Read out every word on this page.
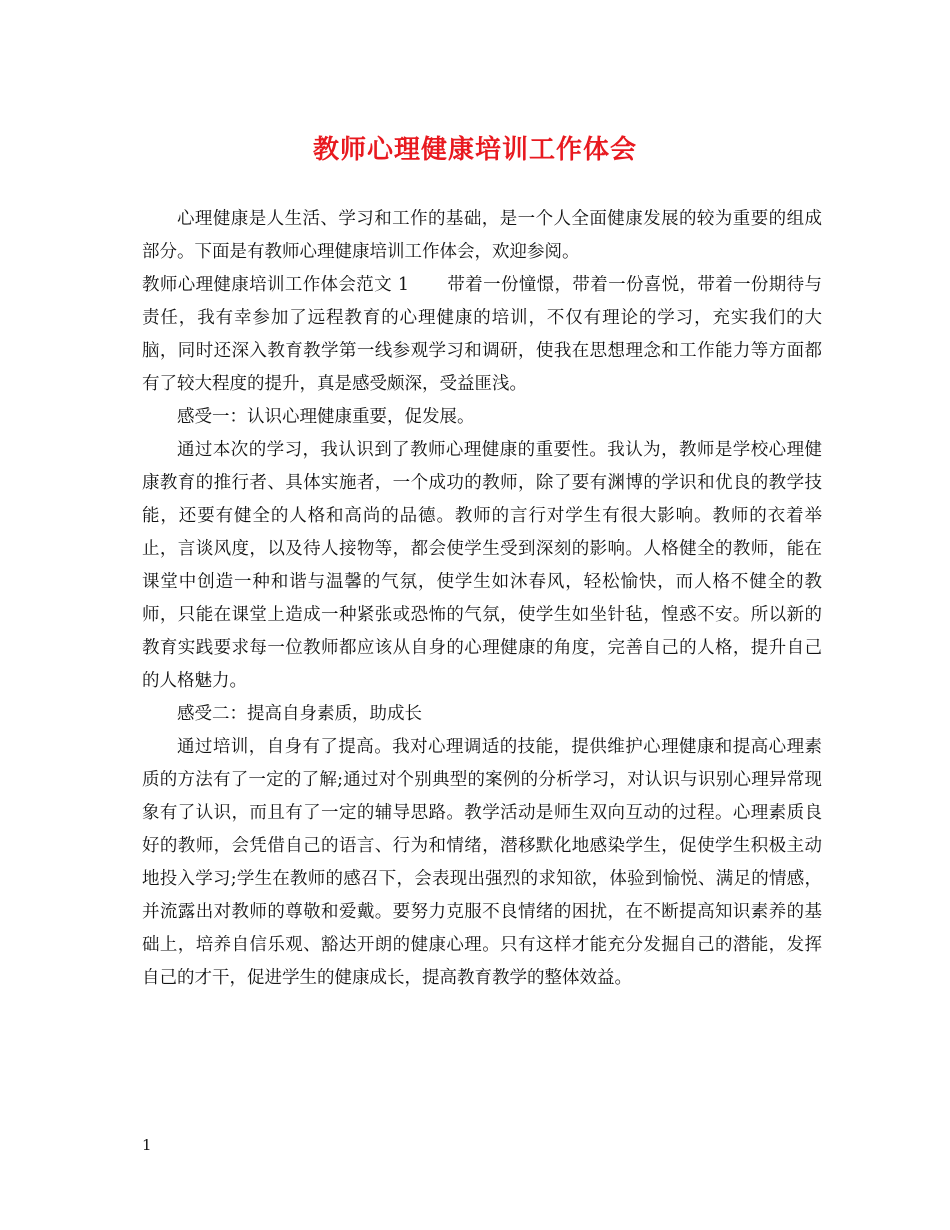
教师心理健康培训工作体会

心理健康是人生活、学习和工作的基础，是一个人全面健康发展的较为重要的组成部分。下面是有教师心理健康培训工作体会，欢迎参阅。

教师心理健康培训工作体会范文 1 带着一份憧憬，带着一份喜悦，带着一份期待与责任，我有幸参加了远程教育的心理健康的培训，不仅有理论的学习，充实我们的大脑，同时还深入教育教学第一线参观学习和调研，使我在思想理念和工作能力等方面都有了较大程度的提升，真是感受颇深，受益匪浅。

感受一：认识心理健康重要，促发展。

通过本次的学习，我认识到了教师心理健康的重要性。我认为，教师是学校心理健康教育的推行者、具体实施者，一个成功的教师，除了要有渊博的学识和优良的教学技能，还要有健全的人格和高尚的品德。教师的言行对学生有很大影响。教师的衣着举止，言谈风度，以及待人接物等，都会使学生受到深刻的影响。人格健全的教师，能在课堂中创造一种和谐与温馨的气氛，使学生如沐春风，轻松愉快，而人格不健全的教师，只能在课堂上造成一种紧张或恐怖的气氛，使学生如坐针毡，惶惑不安。所以新的教育实践要求每一位教师都应该从自身的心理健康的角度，完善自己的人格，提升自己的人格魅力。

感受二：提高自身素质，助成长

通过培训，自身有了提高。我对心理调适的技能，提供维护心理健康和提高心理素质的方法有了一定的了解;通过对个别典型的案例的分析学习，对认识与识别心理异常现象有了认识，而且有了一定的辅导思路。教学活动是师生双向互动的过程。心理素质良好的教师，会凭借自己的语言、行为和情绪，潜移默化地感染学生，促使学生积极主动地投入学习;学生在教师的感召下，会表现出强烈的求知欲，体验到愉悦、满足的情感，并流露出对教师的尊敬和爱戴。要努力克服不良情绪的困扰，在不断提高知识素养的基础上，培养自信乐观、豁达开朗的健康心理。只有这样才能充分发掘自己的潜能，发挥自己的才干，促进学生的健康成长，提高教育教学的整体效益。

1
